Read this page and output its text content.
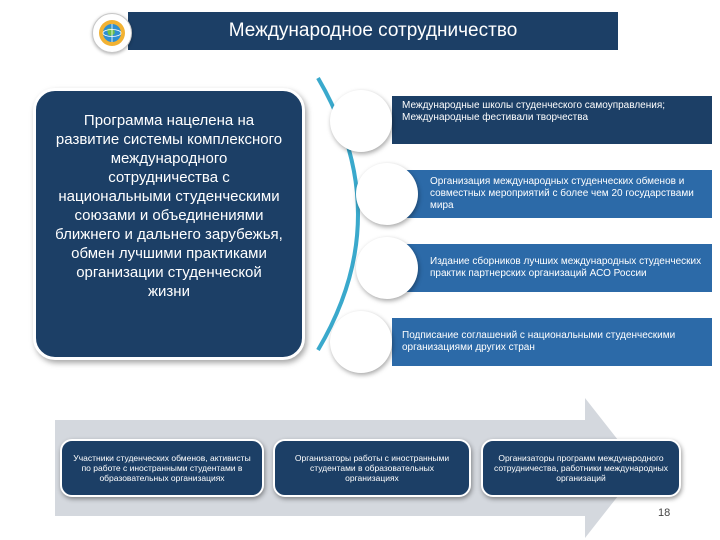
Международное сотрудничество
Программа нацелена на развитие системы комплексного международного сотрудничества с национальными студенческими союзами и объединениями ближнего и дальнего зарубежья, обмен лучшими практиками организации студенческой жизни
Международные школы студенческого самоуправления; Международные фестивали творчества
Организация международных студенческих обменов и совместных мероприятий с более чем 20 государствами мира
Издание сборников лучших международных студенческих практик партнерских организаций АСО России
Подписание соглашений с национальными студенческими организациями других стран
Участники студенческих обменов, активисты по работе с иностранными студентами в образовательных организациях
Организаторы работы с иностранными студентами в образовательных организациях
Организаторы программ международного сотрудничества, работники международных организаций
18
